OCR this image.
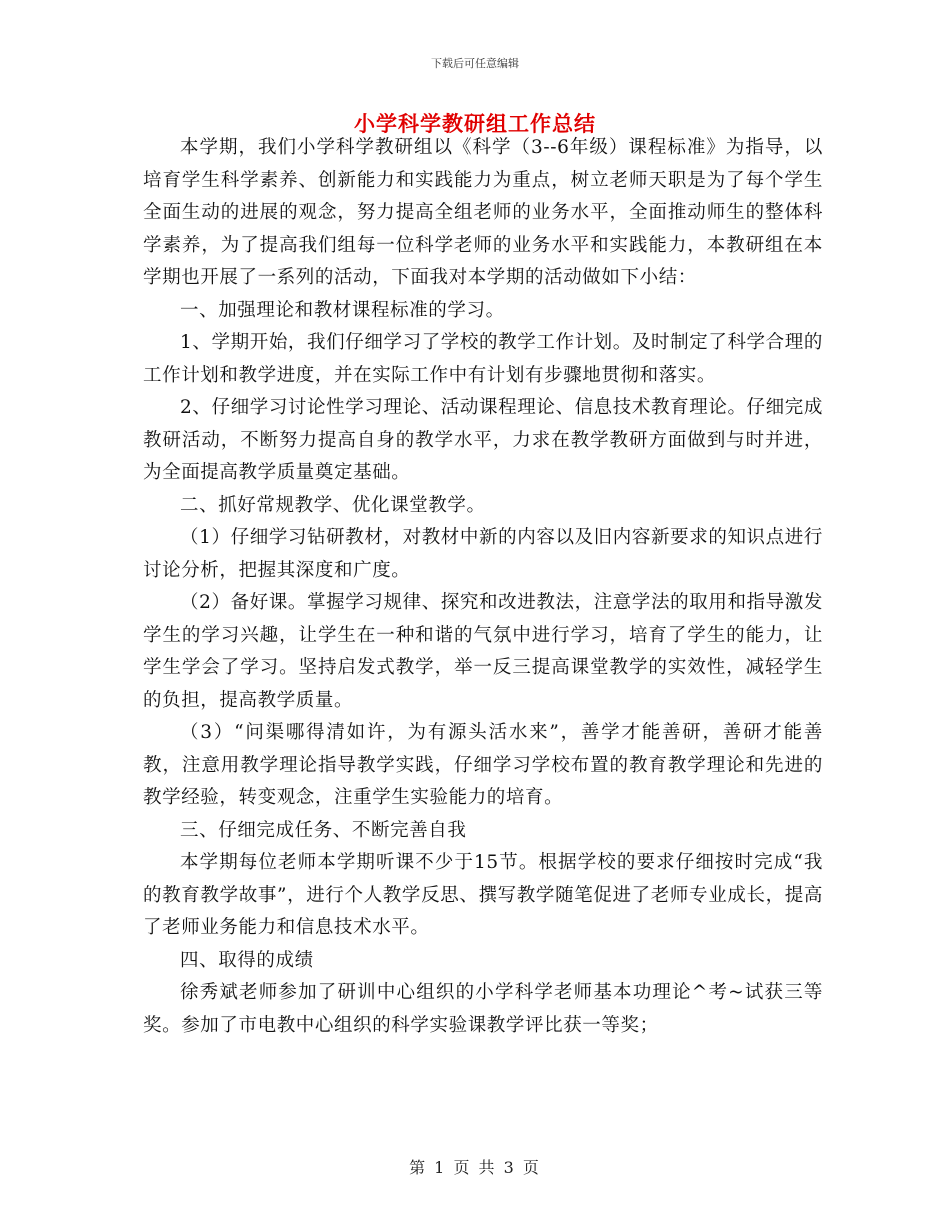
下载后可任意编辑
小学科学教研组工作总结

本学期，我们小学科学教研组以《科学（3--6年级）课程标准》为指导，以培育学生科学素养、创新能力和实践能力为重点，树立老师天职是为了每个学生全面生动的进展的观念，努力提高全组老师的业务水平，全面推动师生的整体科学素养，为了提高我们组每一位科学老师的业务水平和实践能力，本教研组在本学期也开展了一系列的活动，下面我对本学期的活动做如下小结：

一、加强理论和教材课程标准的学习。

1、学期开始，我们仔细学习了学校的教学工作计划。及时制定了科学合理的工作计划和教学进度，并在实际工作中有计划有步骤地贯彻和落实。

2、仔细学习讨论性学习理论、活动课程理论、信息技术教育理论。仔细完成教研活动，不断努力提高自身的教学水平，力求在教学教研方面做到与时并进，为全面提高教学质量奠定基础。

二、抓好常规教学、优化课堂教学。

（1）仔细学习钻研教材，对教材中新的内容以及旧内容新要求的知识点进行讨论分析，把握其深度和广度。

（2）备好课。掌握学习规律、探究和改进教法，注意学法的取用和指导激发学生的学习兴趣，让学生在一种和谐的气氛中进行学习，培育了学生的能力，让学生学会了学习。坚持启发式教学，举一反三提高课堂教学的实效性，减轻学生的负担，提高教学质量。

（3）“问渠哪得清如许，为有源头活水来”，善学才能善研，善研才能善教，注意用教学理论指导教学实践，仔细学习学校布置的教育教学理论和先进的教学经验，转变观念，注重学生实验能力的培育。

三、仔细完成任务、不断完善自我

本学期每位老师本学期听课不少于15节。根据学校的要求仔细按时完成“我的教育教学故事”，进行个人教学反思、撰写教学随笔促进了老师专业成长，提高了老师业务能力和信息技术水平。

四、取得的成绩

徐秀斌老师参加了研训中心组织的小学科学老师基本功理论^考~试获三等奖。参加了市电教中心组织的科学实验课教学评比获一等奖；

第 1 页 共 3 页
